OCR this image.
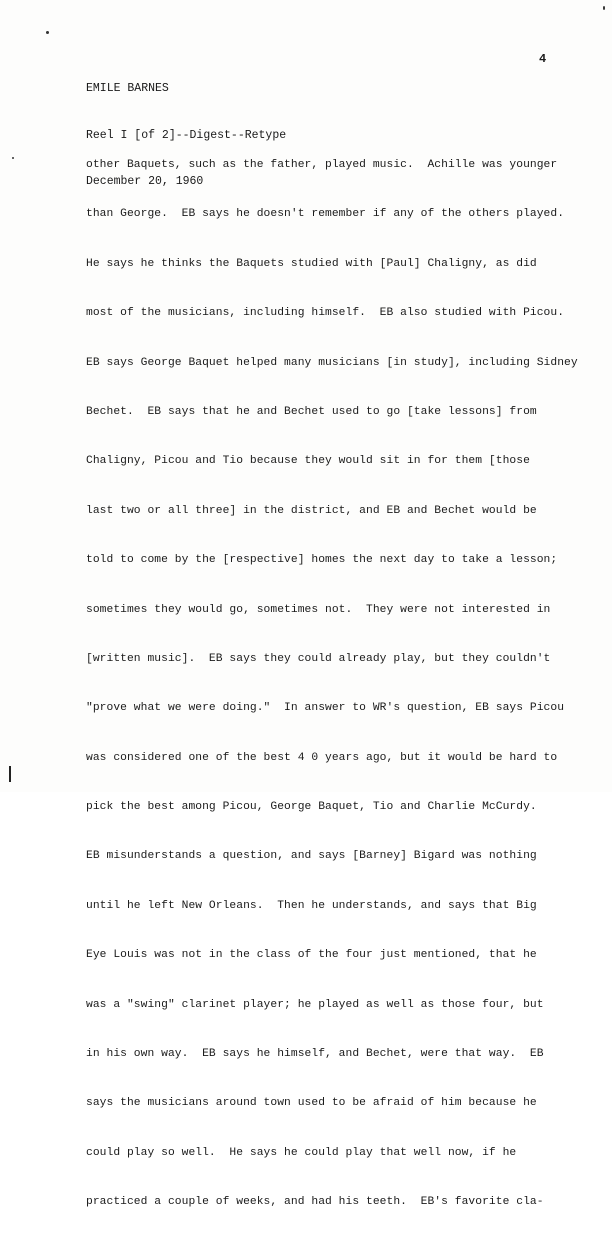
EMILE BARNES

Reel I [of 2]--Digest--Retype

December 20, 1960

4

other Baquets, such as the father, played music.  Achille was younger

than George.  EB says he doesn't remember if any of the others played.

He says he thinks the Baquets studied with [Paul] Chaligny, as did

most of the musicians, including himself.  EB also studied with Picou.

EB says George Baquet helped many musicians [in study], including Sidney

Bechet.  EB says that he and Bechet used to go [take lessons] from

Chaligny, Picou and Tio because they would sit in for them [those

last two or all three] in the district, and EB and Bechet would be

told to come by the [respective] homes the next day to take a lesson;

sometimes they would go, sometimes not.  They were not interested in

[written music].  EB says they could already play, but they couldn't

"prove what we were doing."  In answer to WR's question, EB says Picou

was considered one of the best 4 0 years ago, but it would be hard to

pick the best among Picou, George Baquet, Tio and Charlie McCurdy.

EB misunderstands a question, and says [Barney] Bigard was nothing

until he left New Orleans.  Then he understands, and says that Big

Eye Louis was not in the class of the four just mentioned, that he

was a "swing" clarinet player; he played as well as those four, but

in his own way.  EB says he himself, and Bechet, were that way.  EB

says the musicians around town used to be afraid of him because he

could play so well.  He says he could play that well now, if he

practiced a couple of weeks, and had his teeth.  EB's favorite cla-
